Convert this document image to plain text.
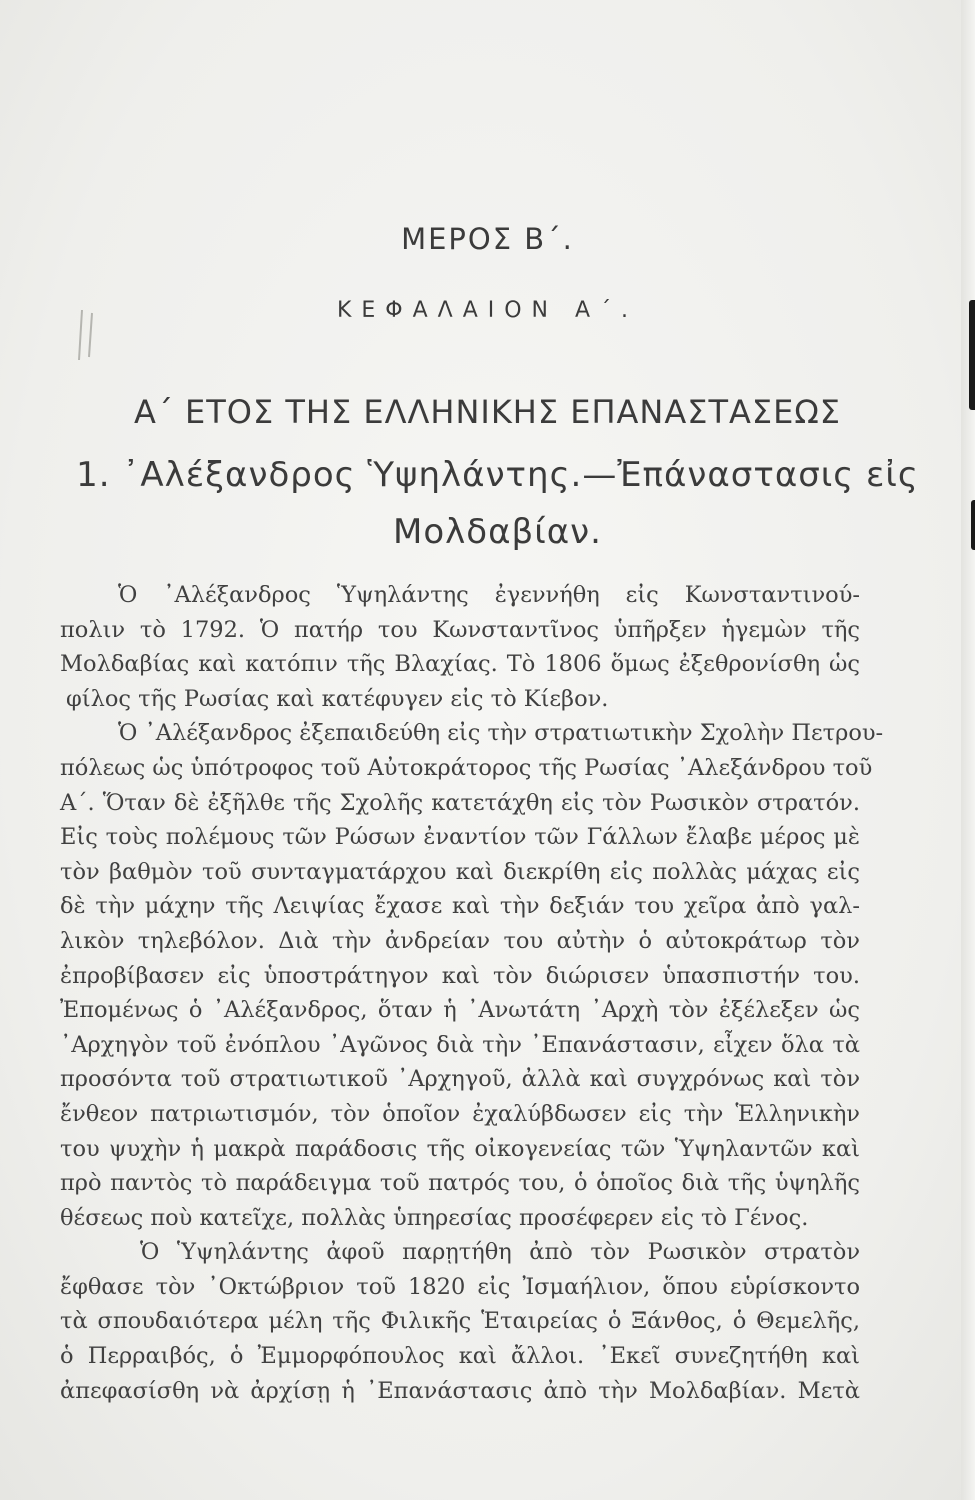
ΜΕΡΟΣ Β΄.
ΚΕΦΑΛΑΙΟΝ Α΄.
Α΄ ΕΤΟΣ ΤΗΣ ΕΛΛΗΝΙΚΗΣ ΕΠΑΝΑΣΤΑΣΕΩΣ
1. ᾿Αλέξανδρος Ὑψηλάντης.—Ἐπάναστασις εἰς
Μολδαβίαν.
Ὁ ᾿Αλέξανδρος Ὑψηλάντης ἐγεννήθη εἰς Κωνσταντινού-
πολιν τὸ 1792. Ὁ πατήρ του Κωνσταντῖνος ὑπῆρξεν ἡγεμὼν τῆς
Μολδαβίας καὶ κατόπιν τῆς Βλαχίας. Τὸ 1806 ὅμως ἐξεθρονίσθη ὡς
φίλος τῆς Ρωσίας καὶ κατέφυγεν εἰς τὸ Κίεβον.
Ὁ ᾿Αλέξανδρος ἐξεπαιδεύθη εἰς τὴν στρατιωτικὴν Σχολὴν Πετρου-
πόλεως ὡς ὑπότροφος τοῦ Αὐτοκράτορος τῆς Ρωσίας ᾿Αλεξάνδρου τοῦ
Α΄. Ὅταν δὲ ἐξῆλθε τῆς Σχολῆς κατετάχθη εἰς τὸν Ρωσικὸν στρατόν.
Εἰς τοὺς πολέμους τῶν Ρώσων ἐναντίον τῶν Γάλλων ἔλαβε μέρος μὲ
τὸν βαθμὸν τοῦ συνταγματάρχου καὶ διεκρίθη εἰς πολλὰς μάχας εἰς
δὲ τὴν μάχην τῆς Λειψίας ἔχασε καὶ τὴν δεξιάν του χεῖρα ἀπὸ γαλ-
λικὸν τηλεβόλον. Διὰ τὴν ἀνδρείαν του αὐτὴν ὁ αὐτοκράτωρ τὸν
ἐπροβίβασεν εἰς ὑποστράτηγον καὶ τὸν διώρισεν ὑπασπιστήν του.
Ἐπομένως ὁ ᾿Αλέξανδρος, ὅταν ἡ ᾿Ανωτάτη ᾿Αρχὴ τὸν ἐξέλεξεν ὡς
᾿Αρχηγὸν τοῦ ἐνόπλου ᾿Αγῶνος διὰ τὴν ᾿Επανάστασιν, εἶχεν ὅλα τὰ
προσόντα τοῦ στρατιωτικοῦ ᾿Αρχηγοῦ, ἀλλὰ καὶ συγχρόνως καὶ τὸν
ἔνθεον πατριωτισμόν, τὸν ὁποῖον ἐχαλύβδωσεν εἰς τὴν Ἑλληνικὴν
του ψυχὴν ἡ μακρὰ παράδοσις τῆς οἰκογενείας τῶν Ὑψηλαντῶν καὶ
πρὸ παντὸς τὸ παράδειγμα τοῦ πατρός του, ὁ ὁποῖος διὰ τῆς ὑψηλῆς
θέσεως ποὺ κατεῖχε, πολλὰς ὑπηρεσίας προσέφερεν εἰς τὸ Γένος.
Ὁ Ὑψηλάντης ἀφοῦ παρῃτήθη ἀπὸ τὸν Ρωσικὸν στρατὸν
ἔφθασε τὸν ᾿Οκτώβριον τοῦ 1820 εἰς Ἰσμαήλιον, ὅπου εὑρίσκοντο
τὰ σπουδαιότερα μέλη τῆς Φιλικῆς Ἑταιρείας ὁ Ξάνθος, ὁ Θεμελῆς,
ὁ Περραιβός, ὁ Ἐμμορφόπουλος καὶ ἄλλοι. ᾿Εκεῖ συνεζητήθη καὶ
ἀπεφασίσθη νὰ ἀρχίσῃ ἡ ᾿Επανάστασις ἀπὸ τὴν Μολδαβίαν. Μετὰ
